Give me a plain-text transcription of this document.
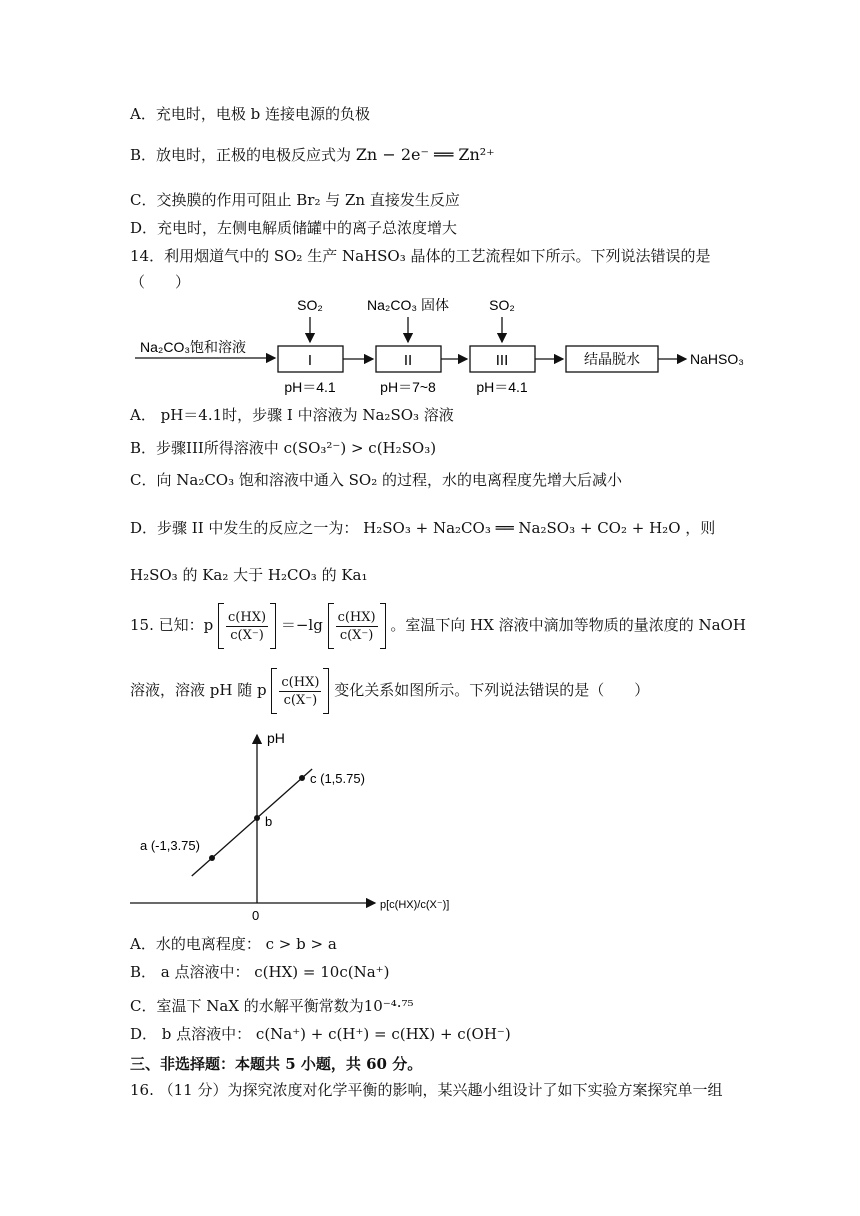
A．充电时，电极 b 连接电源的负极
B．放电时，正极的电极反应式为 Zn − 2e⁻ ══ Zn²⁺
C．交换膜的作用可阻止 Br₂ 与 Zn 直接发生反应
D．充电时，左侧电解质储罐中的离子总浓度增大
14．利用烟道气中的 SO₂ 生产 NaHSO₃ 晶体的工艺流程如下所示。下列说法错误的是
（　　）
Na₂CO₃饱和溶液
I	II	III	结晶脱水	NaHSO₃
SO₂	Na₂CO₃ 固体	SO₂
pH＝4.1	pH＝7~8	pH＝4.1
A． pH＝4.1时，步骤 I 中溶液为 Na₂SO₃ 溶液
B．步骤III所得溶液中 c(SO₃²⁻) > c(H₂SO₃)
C．向 Na₂CO₃ 饱和溶液中通入 SO₂ 的过程，水的电离程度先增大后减小
D．步骤 II 中发生的反应之一为： H₂SO₃ + Na₂CO₃ ══ Na₂SO₃ + CO₂ + H₂O ，则
H₂SO₃ 的 Ka₂ 大于 H₂CO₃ 的 Ka₁
15. 已知：p $\frac{c(HX)}{c(X^-)} =-\lg \frac{c(HX)}{c(X^-)}$ 。室温下向 HX 溶液中滴加等物质的量浓度的 NaOH
溶液，溶液 pH 随 p $\frac{c(HX)}{c(X^-)}$ 变化关系如图所示。下列说法错误的是（　　）
pH
0
p[c(HX)/c(X⁻)]
a (-1,3.75)
b
c (1,5.75)
A．水的电离程度： c > b > a
B． a 点溶液中： c(HX) = 10c(Na⁺)
C．室温下 NaX 的水解平衡常数为10⁻⁴·⁷⁵
D． b 点溶液中： c(Na⁺) + c(H⁺) = c(HX) + c(OH⁻)
三、非选择题：本题共 5 小题，共 60 分。
16. （11 分）为探究浓度对化学平衡的影响，某兴趣小组设计了如下实验方案探究单一组
